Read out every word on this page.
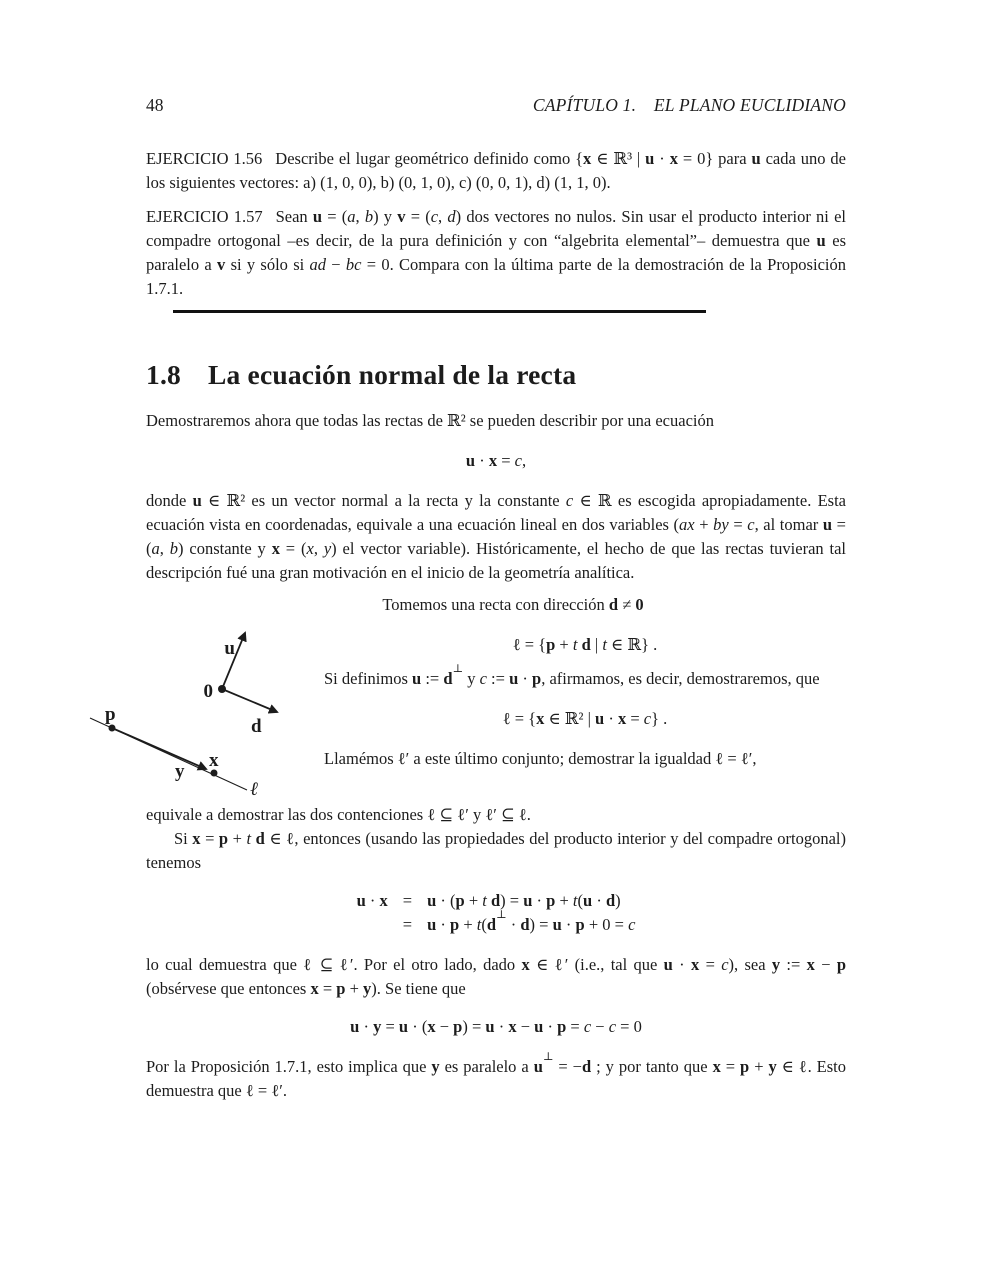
48	CAPÍTULO 1. EL PLANO EUCLIDIANO

EJERCICIO 1.56 Describe el lugar geométrico definido como {x ∈ ℝ³ | u · x = 0} para u cada uno de los siguientes vectores: a) (1, 0, 0), b) (0, 1, 0), c) (0, 0, 1), d) (1, 1, 0).

EJERCICIO 1.57 Sean u = (a, b) y v = (c, d) dos vectores no nulos. Sin usar el producto interior ni el compadre ortogonal –es decir, de la pura definición y con “algebrita elemental”– demuestra que u es paralelo a v si y sólo si ad − bc = 0. Compara con la última parte de la demostración de la Proposición 1.7.1.

1.8 La ecuación normal de la recta

Demostraremos ahora que todas las rectas de ℝ² se pueden describir por una ecuación

u · x = c,

donde u ∈ ℝ² es un vector normal a la recta y la constante c ∈ ℝ es escogida apropiadamente. Esta ecuación vista en coordenadas, equivale a una ecuación lineal en dos variables (ax + by = c, al tomar u = (a, b) constante y x = (x, y) el vector variable). Históricamente, el hecho de que las rectas tuvieran tal descripción fué una gran motivación en el inicio de la geometría analítica.

Tomemos una recta con dirección d ≠ 0
u
0
d
p
y
x
ℓ
ℓ = {p + t d | t ∈ ℝ} .

Si definimos u := d⊥ y c := u · p, afirmamos, es decir, demostraremos, que

ℓ = {x ∈ ℝ² | u · x = c} .

Llamémos ℓ′ a este último conjunto; demostrar la igualdad ℓ = ℓ′,

equivale a demostrar las dos contenciones ℓ ⊆ ℓ′ y ℓ′ ⊆ ℓ.

Si x = p + t d ∈ ℓ, entonces (usando las propiedades del producto interior y del compadre ortogonal) tenemos

u · x = u · (p + t d) = u · p + t(u · d)
= u · p + t(d⊥ · d) = u · p + 0 = c

lo cual demuestra que ℓ ⊆ ℓ′. Por el otro lado, dado x ∈ ℓ′ (i.e., tal que u · x = c), sea y := x − p (obsérvese que entonces x = p + y). Se tiene que

u · y = u · (x − p) = u · x − u · p = c − c = 0

Por la Proposición 1.7.1, esto implica que y es paralelo a u⊥ = −d ; y por tanto que x = p + y ∈ ℓ. Esto demuestra que ℓ = ℓ′.
